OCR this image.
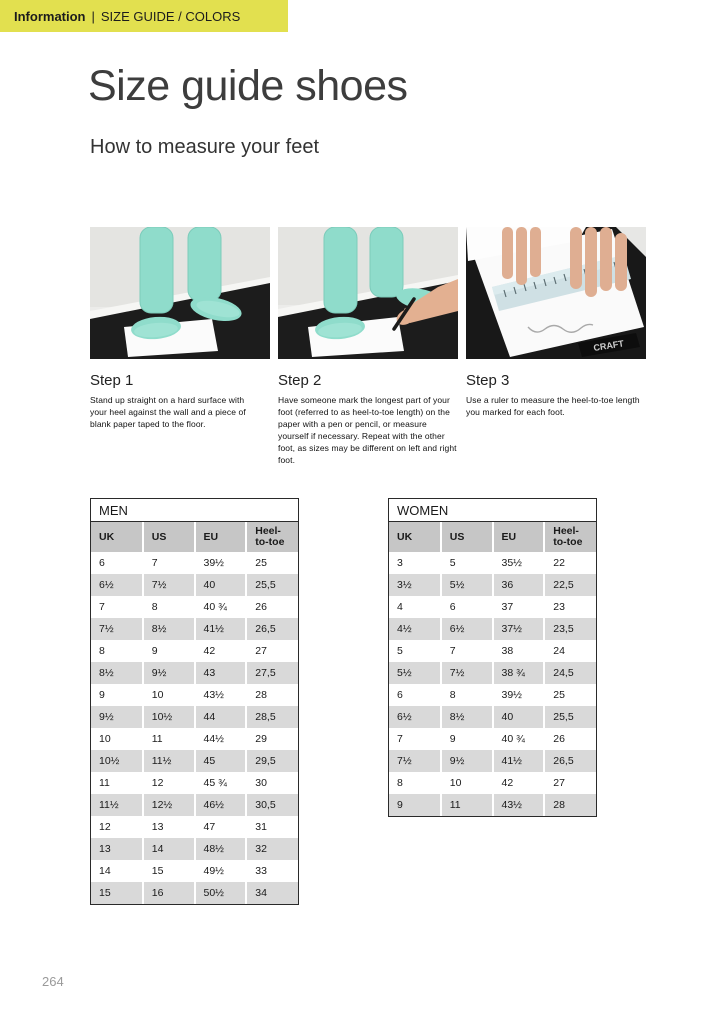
Information | SIZE GUIDE / COLORS
Size guide shoes
How to measure your feet
Step 1
Stand up straight on a hard surface with your heel against the wall and a piece of blank paper taped to the floor.
Step 2
Have someone mark the longest part of your foot (referred to as heel-to-toe length) on the paper with a pen or pencil, or measure yourself if necessary. Repeat with the other foot, as sizes may be different on left and right foot.
CRAFT
Step 3
Use a ruler to measure the heel-to-toe length you marked for each foot.
MEN
UK	US	EU	Heel-to-toe
6	7	39½	25
6½	7½	40	25,5
7	8	40 ¾	26
7½	8½	41½	26,5
8	9	42	27
8½	9½	43	27,5
9	10	43½	28
9½	10½	44	28,5
10	11	44½	29
10½	11½	45	29,5
11	12	45 ¾	30
11½	12½	46½	30,5
12	13	47	31
13	14	48½	32
14	15	49½	33
15	16	50½	34
WOMEN
UK	US	EU	Heel-to-toe
3	5	35½	22
3½	5½	36	22,5
4	6	37	23
4½	6½	37½	23,5
5	7	38	24
5½	7½	38 ¾	24,5
6	8	39½	25
6½	8½	40	25,5
7	9	40 ¾	26
7½	9½	41½	26,5
8	10	42	27
9	11	43½	28
264
